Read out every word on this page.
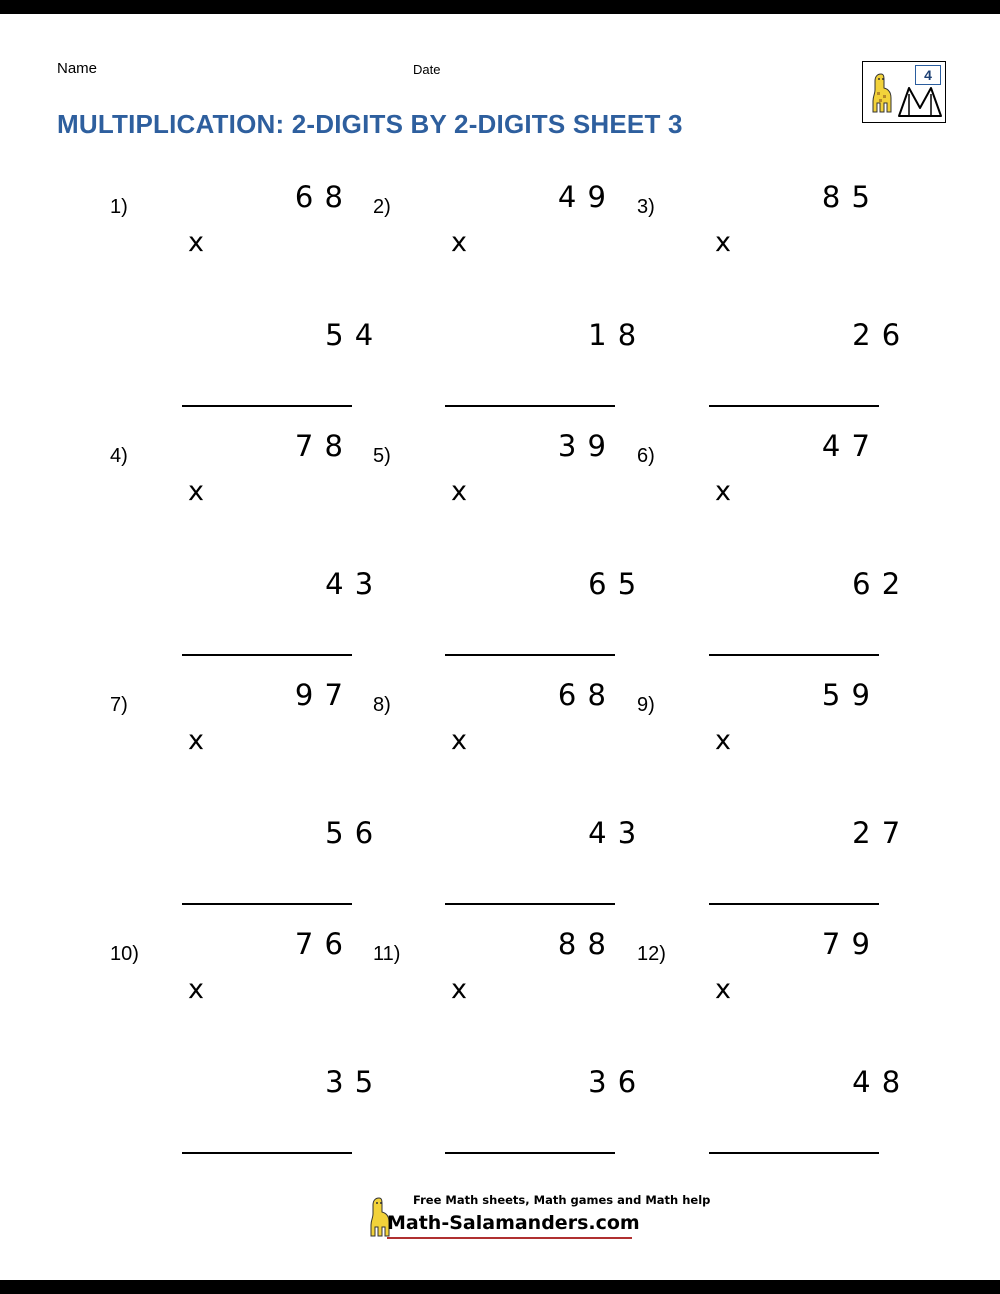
Name	Date	4
MULTIPLICATION: 2-DIGITS BY 2-DIGITS SHEET 3
1)	6 8

x

5 4

2)	4 9

x

1 8

3)	8 5

x

2 6

4)	7 8

x

4 3

5)	3 9

x

6 5

6)	4 7

x

6 2

7)	9 7

x

5 6

8)	6 8

x

4 3

9)	5 9

x

2 7

10)	7 6

x

3 5

11)	8 8

x

3 6

12)	7 9

x

4 8

Free Math sheets, Math games and Math help
Math-Salamanders.com
